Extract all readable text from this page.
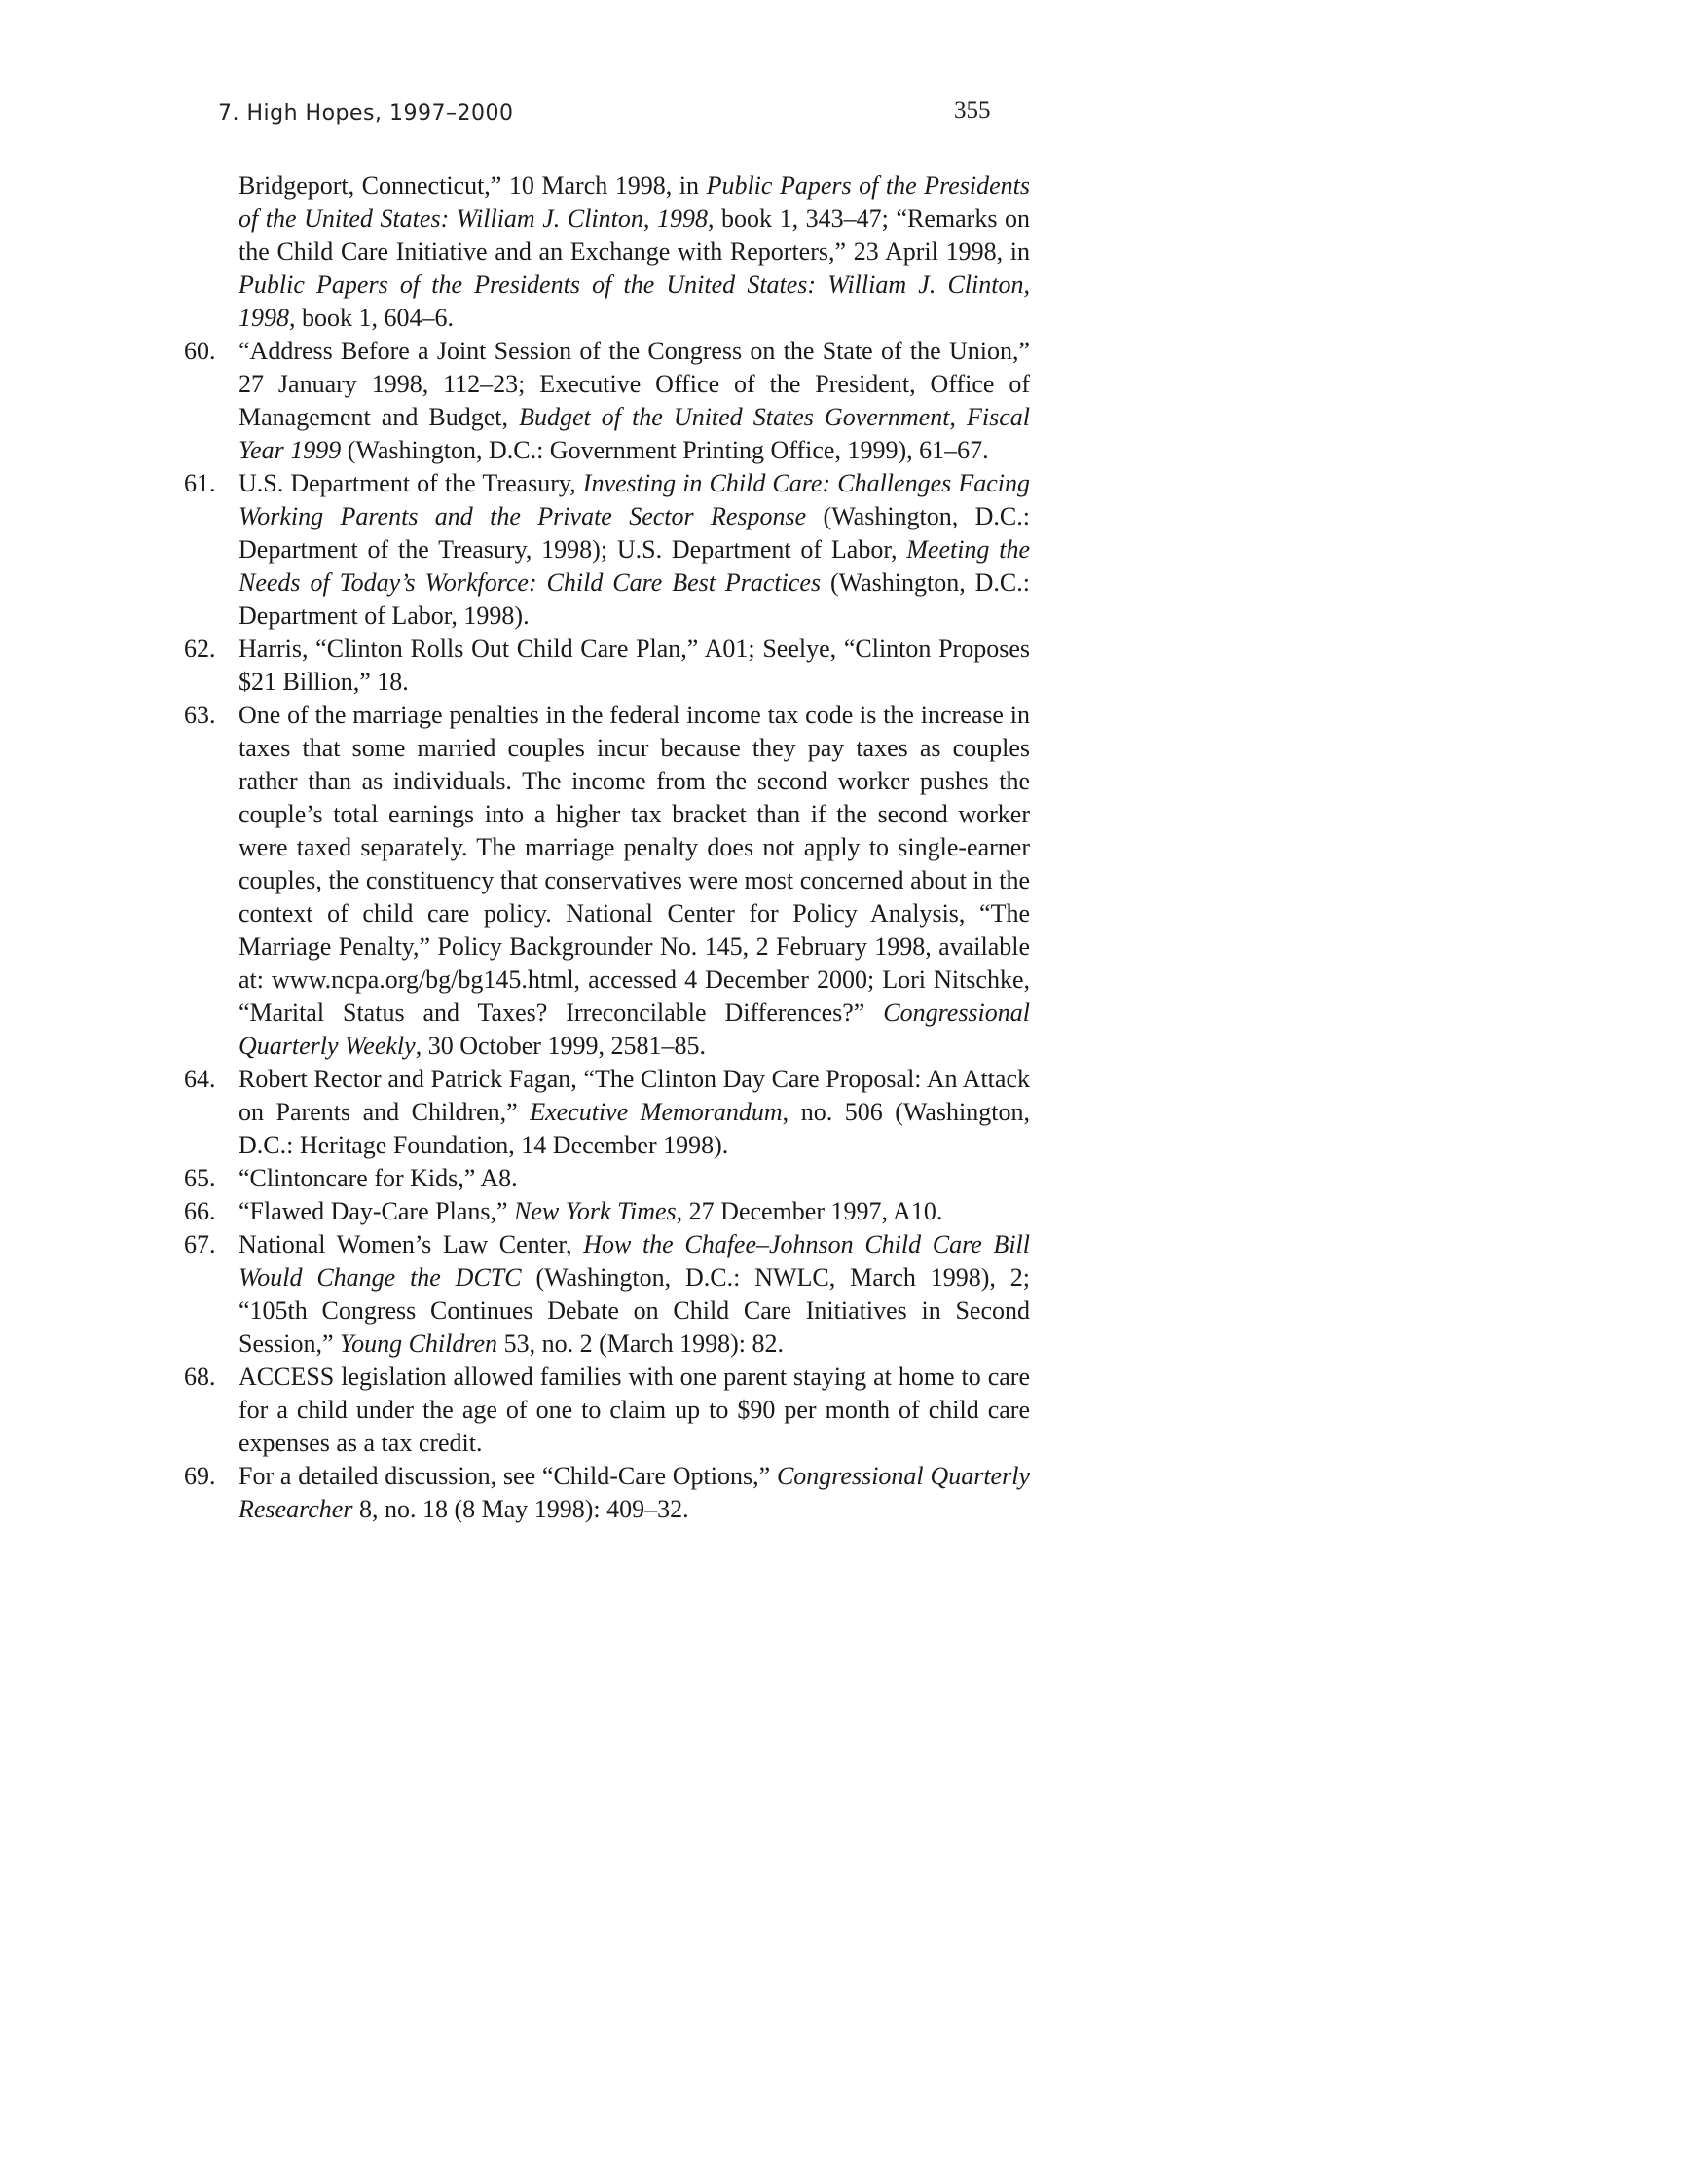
7. High Hopes, 1997–2000	355
Bridgeport, Connecticut,” 10 March 1998, in Public Papers of the Presidents of the United States: William J. Clinton, 1998, book 1, 343–47; “Remarks on the Child Care Initiative and an Exchange with Reporters,” 23 April 1998, in Public Papers of the Presidents of the United States: William J. Clinton, 1998, book 1, 604–6.
60. “Address Before a Joint Session of the Congress on the State of the Union,” 27 January 1998, 112–23; Executive Office of the President, Office of Management and Budget, Budget of the United States Government, Fiscal Year 1999 (Washington, D.C.: Government Printing Office, 1999), 61–67.
61. U.S. Department of the Treasury, Investing in Child Care: Challenges Facing Working Parents and the Private Sector Response (Washington, D.C.: Department of the Treasury, 1998); U.S. Department of Labor, Meeting the Needs of Today’s Workforce: Child Care Best Practices (Washington, D.C.: Department of Labor, 1998).
62. Harris, “Clinton Rolls Out Child Care Plan,” A01; Seelye, “Clinton Proposes $21 Billion,” 18.
63. One of the marriage penalties in the federal income tax code is the increase in taxes that some married couples incur because they pay taxes as couples rather than as individuals. The income from the second worker pushes the couple’s total earnings into a higher tax bracket than if the second worker were taxed separately. The marriage penalty does not apply to single-earner couples, the constituency that conservatives were most concerned about in the context of child care policy. National Center for Policy Analysis, “The Marriage Penalty,” Policy Backgrounder No. 145, 2 February 1998, available at: www.ncpa.org/bg/​bg145.html, accessed 4 December 2000; Lori Nitschke, “Marital Status and Taxes? Irreconcilable Differences?” Congressional Quarterly Weekly, 30 October 1999, 2581–85.
64. Robert Rector and Patrick Fagan, “The Clinton Day Care Proposal: An Attack on Parents and Children,” Executive Memorandum, no. 506 (Washington, D.C.: Heritage Foundation, 14 December 1998).
65. “Clintoncare for Kids,” A8.
66. “Flawed Day-Care Plans,” New York Times, 27 December 1997, A10.
67. National Women’s Law Center, How the Chafee–Johnson Child Care Bill Would Change the DCTC (Washington, D.C.: NWLC, March 1998), 2; “105th Congress Continues Debate on Child Care Initiatives in Second Session,” Young Children 53, no. 2 (March 1998): 82.
68. ACCESS legislation allowed families with one parent staying at home to care for a child under the age of one to claim up to $90 per month of child care expenses as a tax credit.
69. For a detailed discussion, see “Child-Care Options,” Congressional Quarterly Researcher 8, no. 18 (8 May 1998): 409–32.
